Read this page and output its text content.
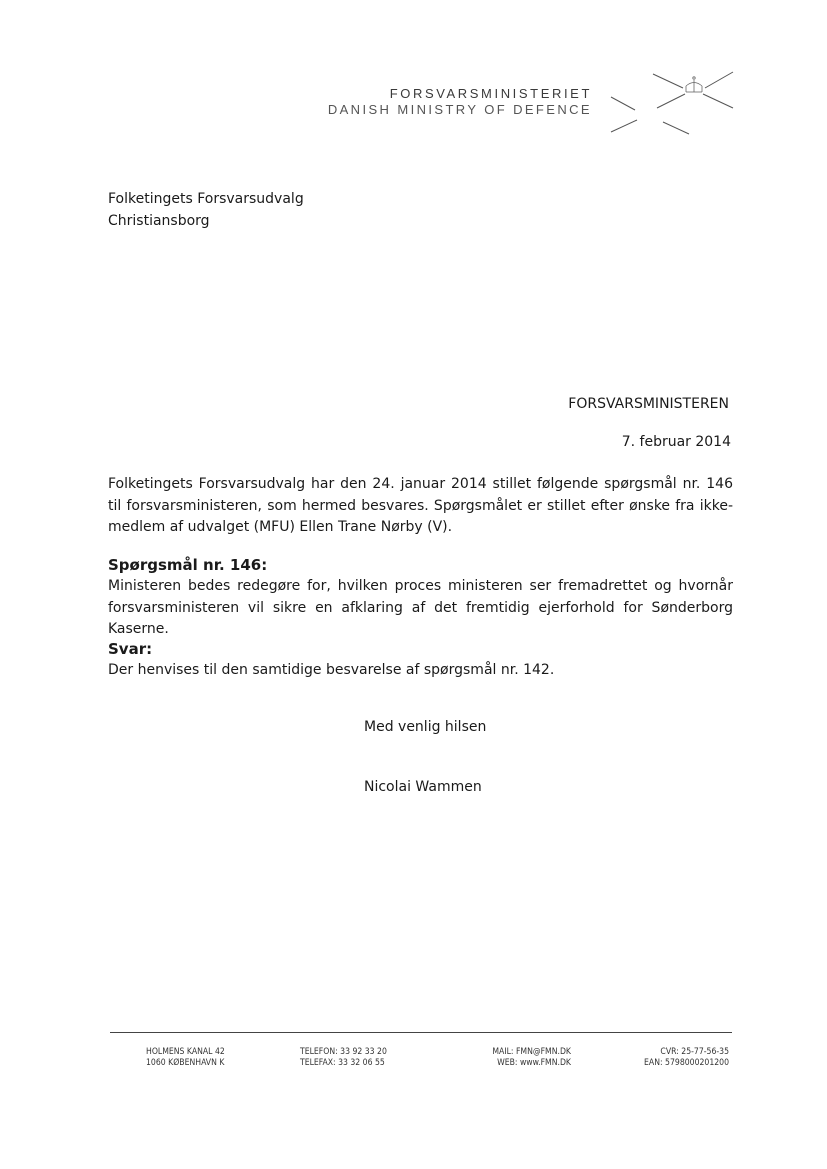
FORSVARSMINISTERIET
DANISH MINISTRY OF DEFENCE
Folketingets Forsvarsudvalg
Christiansborg
FORSVARSMINISTEREN
7. februar 2014

Folketingets Forsvarsudvalg har den 24. januar 2014 stillet følgende spørgsmål nr. 146 til forsvarsministeren, som hermed besvares. Spørgsmålet er stillet efter ønske fra ikke-medlem af udvalget (MFU) Ellen Trane Nørby (V).

Spørgsmål nr. 146:

Ministeren bedes redegøre for, hvilken proces ministeren ser fremadrettet og hvornår forsvarsministeren vil sikre en afklaring af det fremtidig ejerforhold for Sønderborg Kaserne.

Svar:

Der henvises til den samtidige besvarelse af spørgsmål nr. 142.

Med venlig hilsen
Nicolai Wammen
HOLMENS KANAL 42
1060 KØBENHAVN K
TELEFON: 33 92 33 20
TELEFAX: 33 32 06 55
MAIL: FMN@FMN.DK
WEB: www.FMN.DK
CVR: 25-77-56-35
EAN: 5798000201200
